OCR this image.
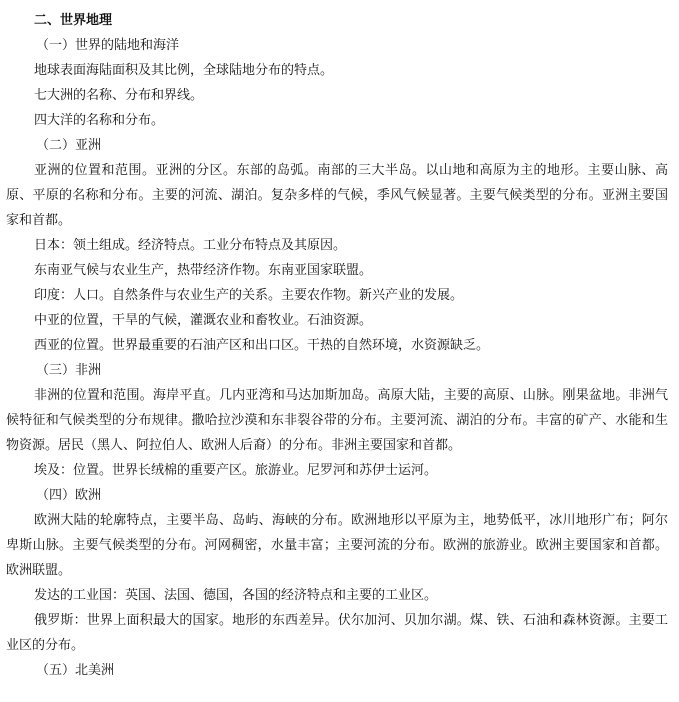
二、世界地理
（一）世界的陆地和海洋
地球表面海陆面积及其比例，全球陆地分布的特点。
七大洲的名称、分布和界线。
四大洋的名称和分布。
（二）亚洲
亚洲的位置和范围。亚洲的分区。东部的岛弧。南部的三大半岛。以山地和高原为主的地形。主要山脉、高原、平原的名称和分布。主要的河流、湖泊。复杂多样的气候，季风气候显著。主要气候类型的分布。亚洲主要国家和首都。
日本：领土组成。经济特点。工业分布特点及其原因。
东南亚气候与农业生产，热带经济作物。东南亚国家联盟。
印度：人口。自然条件与农业生产的关系。主要农作物。新兴产业的发展。
中亚的位置，干旱的气候，灌溉农业和畜牧业。石油资源。
西亚的位置。世界最重要的石油产区和出口区。干热的自然环境，水资源缺乏。
（三）非洲
非洲的位置和范围。海岸平直。几内亚湾和马达加斯加岛。高原大陆，主要的高原、山脉。刚果盆地。非洲气候特征和气候类型的分布规律。撒哈拉沙漠和东非裂谷带的分布。主要河流、湖泊的分布。丰富的矿产、水能和生物资源。居民（黑人、阿拉伯人、欧洲人后裔）的分布。非洲主要国家和首都。
埃及：位置。世界长绒棉的重要产区。旅游业。尼罗河和苏伊士运河。
（四）欧洲
欧洲大陆的轮廓特点，主要半岛、岛屿、海峡的分布。欧洲地形以平原为主，地势低平，冰川地形广布；阿尔卑斯山脉。主要气候类型的分布。河网稠密，水量丰富；主要河流的分布。欧洲的旅游业。欧洲主要国家和首都。欧洲联盟。
发达的工业国：英国、法国、德国，各国的经济特点和主要的工业区。
俄罗斯：世界上面积最大的国家。地形的东西差异。伏尔加河、贝加尔湖。煤、铁、石油和森林资源。主要工业区的分布。
（五）北美洲
